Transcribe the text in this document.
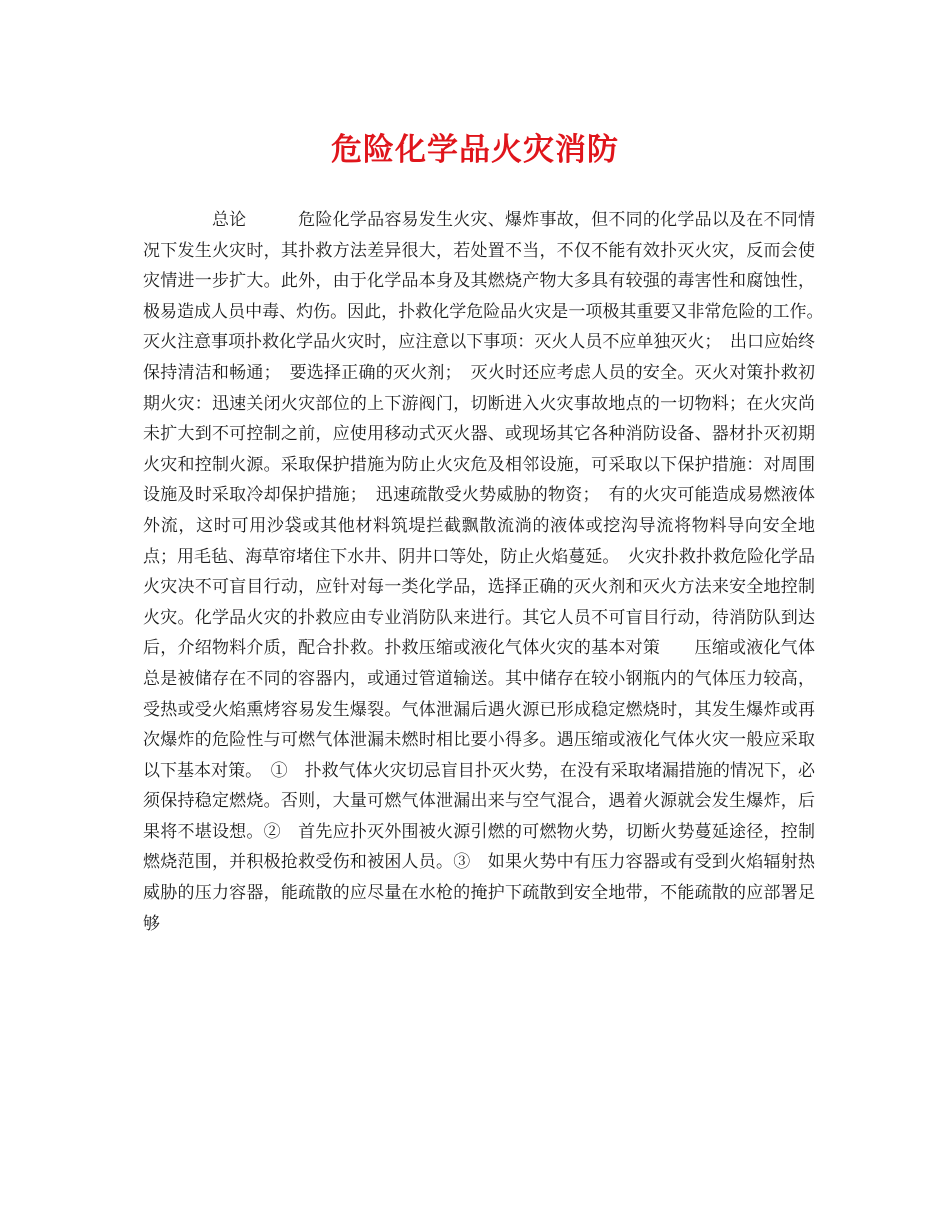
危险化学品火灾消防

　　　　总论　　　危险化学品容易发生火灾、爆炸事故，但不同的化学品以及在不同情况下发生火灾时，其扑救方法差异很大，若处置不当，不仅不能有效扑灭火灾，反而会使灾情进一步扩大。此外，由于化学品本身及其燃烧产物大多具有较强的毒害性和腐蚀性，极易造成人员中毒、灼伤。因此，扑救化学危险品火灾是一项极其重要又非常危险的工作。　灭火注意事项扑救化学品火灾时，应注意以下事项：灭火人员不应单独灭火；　出口应始终保持清洁和畅通；　要选择正确的灭火剂；　灭火时还应考虑人员的安全。灭火对策扑救初期火灾：迅速关闭火灾部位的上下游阀门，切断进入火灾事故地点的一切物料；在火灾尚未扩大到不可控制之前，应使用移动式灭火器、或现场其它各种消防设备、器材扑灭初期火灾和控制火源。采取保护措施为防止火灾危及相邻设施，可采取以下保护措施：对周围设施及时采取冷却保护措施；　迅速疏散受火势威胁的物资；　有的火灾可能造成易燃液体外流，这时可用沙袋或其他材料筑堤拦截飘散流淌的液体或挖沟导流将物料导向安全地点；用毛毡、海草帘堵住下水井、阴井口等处，防止火焰蔓延。　火灾扑救扑救危险化学品火灾决不可盲目行动，应针对每一类化学品，选择正确的灭火剂和灭火方法来安全地控制火灾。化学品火灾的扑救应由专业消防队来进行。其它人员不可盲目行动，待消防队到达后，介绍物料介质，配合扑救。扑救压缩或液化气体火灾的基本对策　　压缩或液化气体总是被储存在不同的容器内，或通过管道输送。其中储存在较小钢瓶内的气体压力较高，受热或受火焰熏烤容易发生爆裂。气体泄漏后遇火源已形成稳定燃烧时，其发生爆炸或再次爆炸的危险性与可燃气体泄漏未燃时相比要小得多。遇压缩或液化气体火灾一般应采取以下基本对策。　①　扑救气体火灾切忌盲目扑灭火势，在没有采取堵漏措施的情况下，必须保持稳定燃烧。否则，大量可燃气体泄漏出来与空气混合，遇着火源就会发生爆炸，后果将不堪设想。②　首先应扑灭外围被火源引燃的可燃物火势，切断火势蔓延途径，控制燃烧范围，并积极抢救受伤和被困人员。③　如果火势中有压力容器或有受到火焰辐射热威胁的压力容器，能疏散的应尽量在水枪的掩护下疏散到安全地带，不能疏散的应部署足够
